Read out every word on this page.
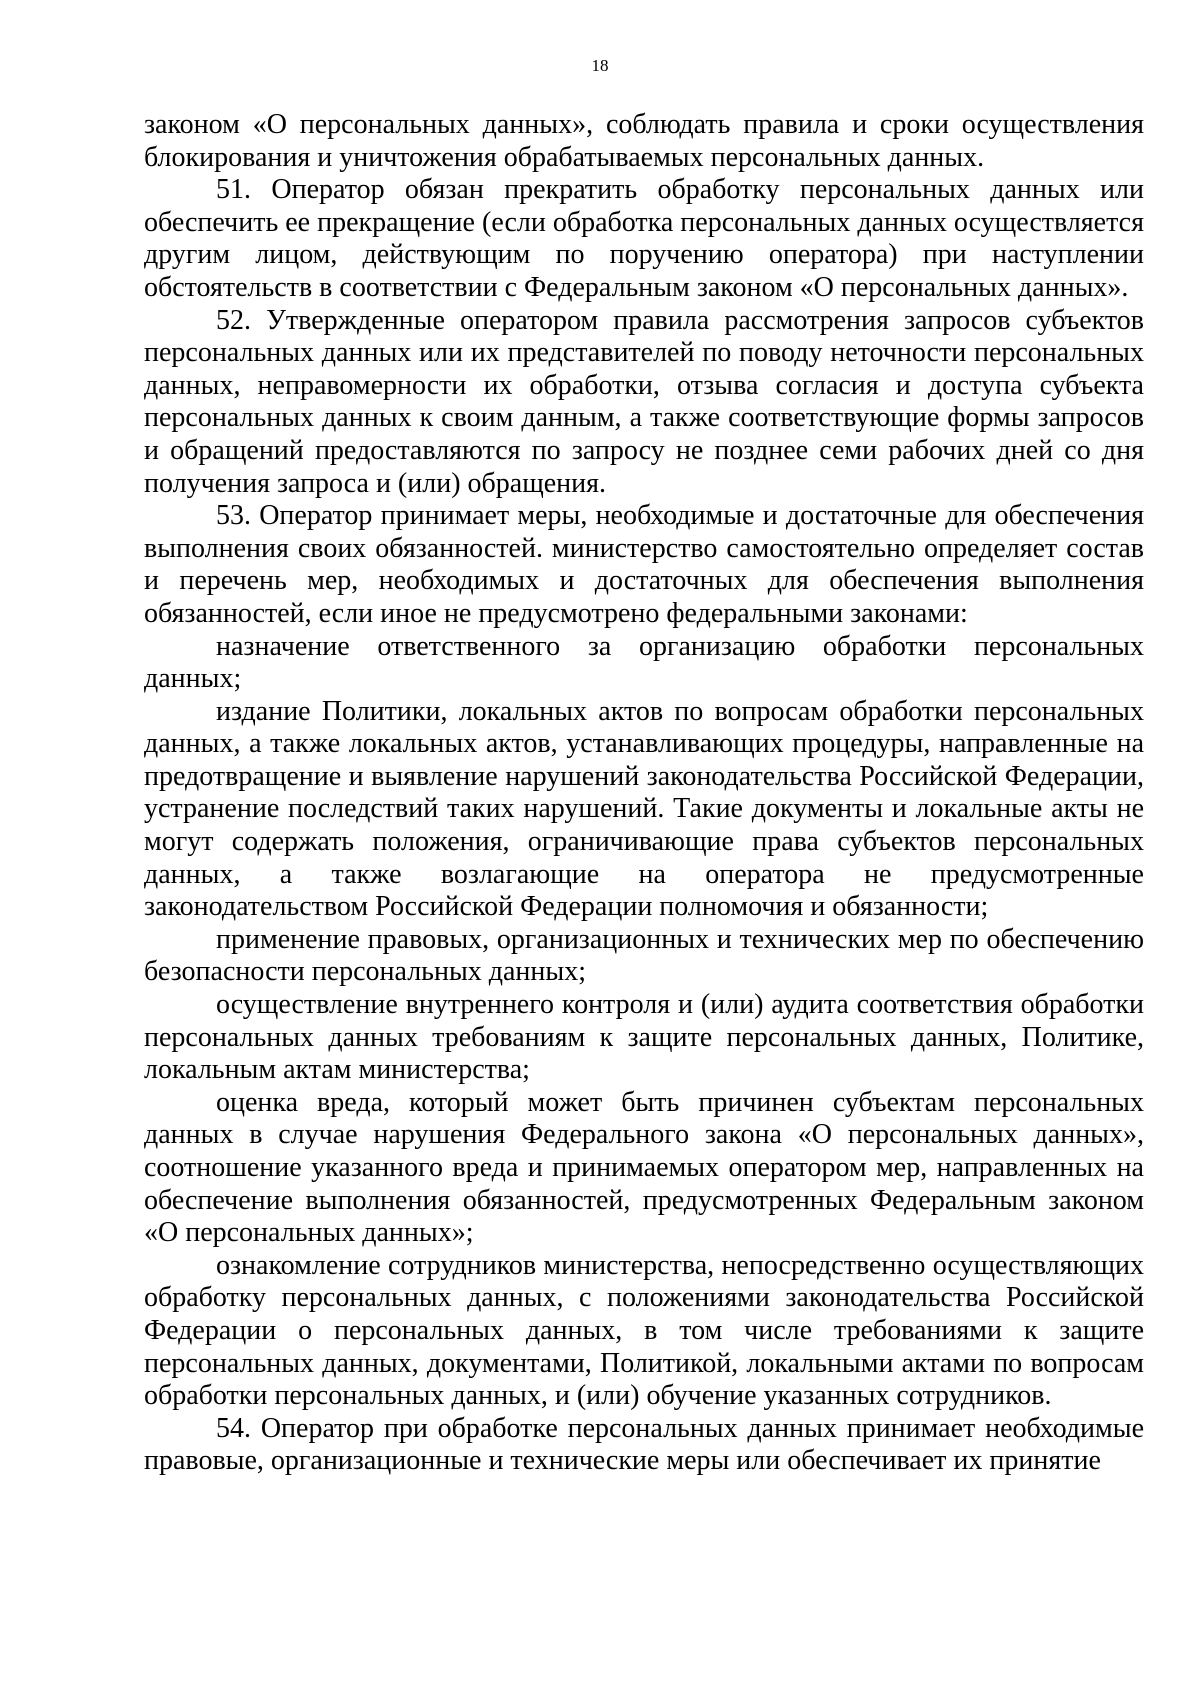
18

законом «О персональных данных», соблюдать правила и сроки осуществления блокирования и уничтожения обрабатываемых персональных данных.

51. Оператор обязан прекратить обработку персональных данных или обеспечить ее прекращение (если обработка персональных данных осуществляется другим лицом, действующим по поручению оператора) при наступлении обстоятельств в соответствии с Федеральным законом «О персональных данных».

52. Утвержденные оператором правила рассмотрения запросов субъектов персональных данных или их представителей по поводу неточности персональных данных, неправомерности их обработки, отзыва согласия и доступа субъекта персональных данных к своим данным, а также соответствующие формы запросов и обращений предоставляются по запросу не позднее семи рабочих дней со дня получения запроса и (или) обращения.

53. Оператор принимает меры, необходимые и достаточные для обеспечения выполнения своих обязанностей. министерство самостоятельно определяет состав и перечень мер, необходимых и достаточных для обеспечения выполнения обязанностей, если иное не предусмотрено федеральными законами:

назначение ответственного за организацию обработки персональных данных;

издание Политики, локальных актов по вопросам обработки персональных данных, а также локальных актов, устанавливающих процедуры, направленные на предотвращение и выявление нарушений законодательства Российской Федерации, устранение последствий таких нарушений. Такие документы и локальные акты не могут содержать положения, ограничивающие права субъектов персональных данных, а также возлагающие на оператора не предусмотренные законодательством Российской Федерации полномочия и обязанности;

применение правовых, организационных и технических мер по обеспечению безопасности персональных данных;

осуществление внутреннего контроля и (или) аудита соответствия обработки персональных данных требованиям к защите персональных данных, Политике, локальным актам министерства;

оценка вреда, который может быть причинен субъектам персональных данных в случае нарушения Федерального закона «О персональных данных», соотношение указанного вреда и принимаемых оператором мер, направленных на обеспечение выполнения обязанностей, предусмотренных Федеральным законом «О персональных данных»;

ознакомление сотрудников министерства, непосредственно осуществляющих обработку персональных данных, с положениями законодательства Российской Федерации о персональных данных, в том числе требованиями к защите персональных данных, документами, Политикой, локальными актами по вопросам обработки персональных данных, и (или) обучение указанных сотрудников.

54. Оператор при обработке персональных данных принимает необходимые правовые, организационные и технические меры или обеспечивает их принятие
